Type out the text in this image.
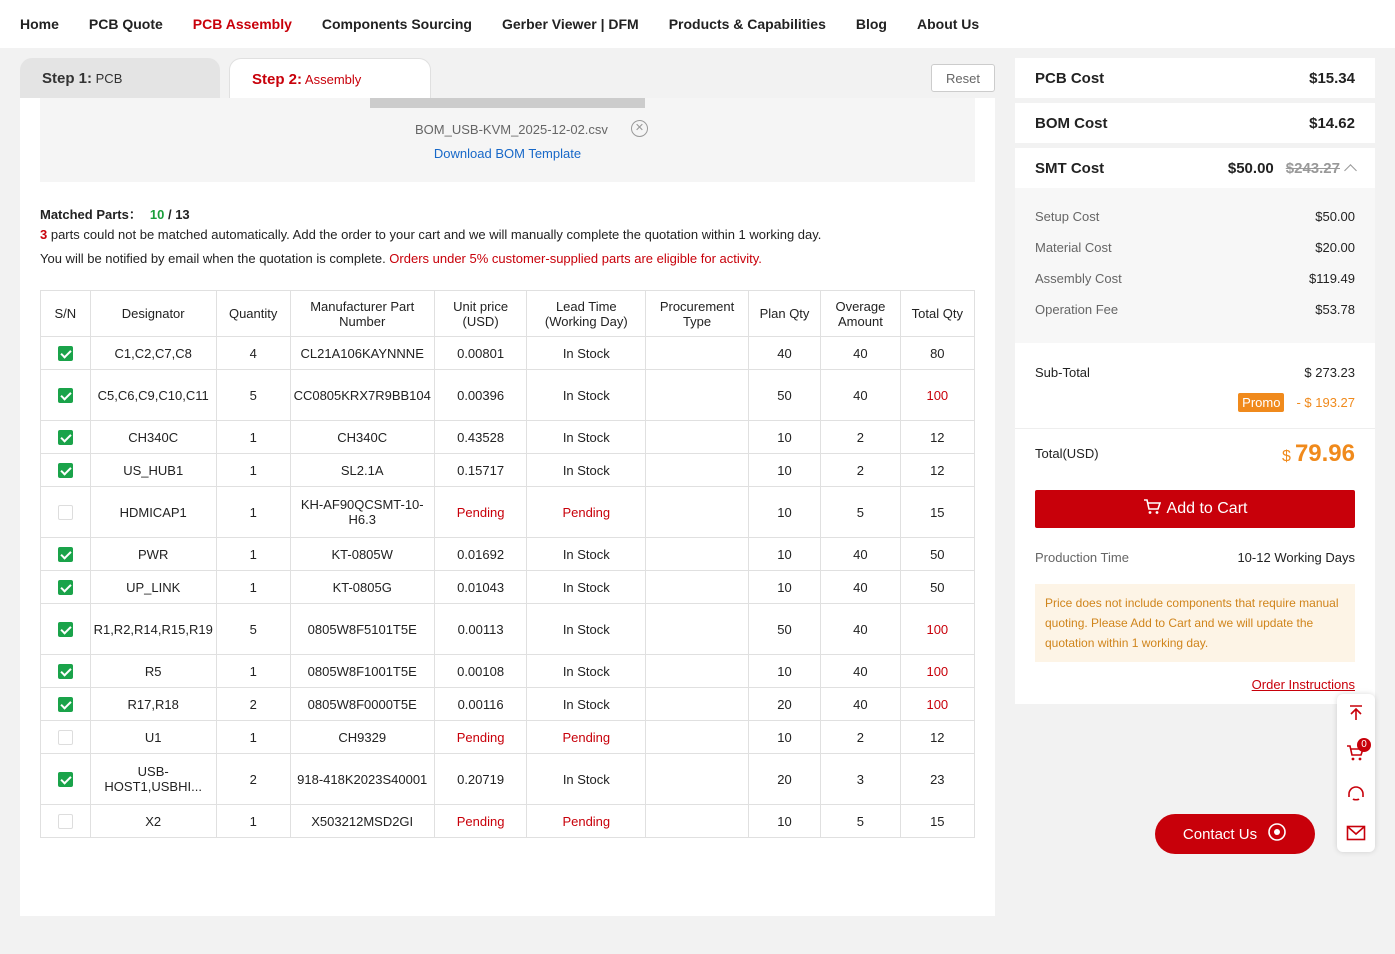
Home PCB Quote PCB Assembly Components Sourcing Gerber Viewer | DFM Products & Capabilities Blog About Us
Step 1: PCB	Step 2: Assembly	Reset
BOM_USB-KVM_2025-12-02.csv	✕
Download BOM Template
Matched Parts： 10 / 13
3 parts could not be matched automatically. Add the order to your cart and we will manually complete the quotation within 1 working day.
You will be notified by email when the quotation is complete. Orders under 5% customer-supplied parts are eligible for activity.
S/N	Designator	Quantity	Manufacturer Part Number	Unit price (USD)	Lead Time (Working Day)	Procurement Type	Plan Qty	Overage Amount	Total Qty
	C1,C2,C7,C8	4	CL21A106KAYNNNE	0.00801	In Stock		40	40	80
	C5,C6,C9,C10,C11	5	CC0805KRX7R9BB104	0.00396	In Stock		50	40	100
	CH340C	1	CH340C	0.43528	In Stock		10	2	12
	US_HUB1	1	SL2.1A	0.15717	In Stock		10	2	12
	HDMICAP1	1	KH-AF90QCSMT-10-H6.3	Pending	Pending		10	5	15
	PWR	1	KT-0805W	0.01692	In Stock		10	40	50
	UP_LINK	1	KT-0805G	0.01043	In Stock		10	40	50
	R1,R2,R14,R15,R19	5	0805W8F5101T5E	0.00113	In Stock		50	40	100
	R5	1	0805W8F1001T5E	0.00108	In Stock		10	40	100
	R17,R18	2	0805W8F0000T5E	0.00116	In Stock		20	40	100
	U1	1	CH9329	Pending	Pending		10	2	12
	USB-HOST1,USBHI...	2	918-418K2023S40001	0.20719	In Stock		20	3	23
	X2	1	X503212MSD2GI	Pending	Pending		10	5	15
PCB Cost	$15.34
BOM Cost	$14.62
SMT Cost	$50.00 $243.27
Setup Cost	$50.00
Material Cost	$20.00
Assembly Cost	$119.49
Operation Fee	$53.78
Sub-Total	$ 273.23
Promo	- $ 193.27
Total(USD)	$ 79.96
Add to Cart
Production Time	10-12 Working Days
Price does not include components that require manual quoting. Please Add to Cart and we will update the quotation within 1 working day.
Order Instructions
0
Contact Us
